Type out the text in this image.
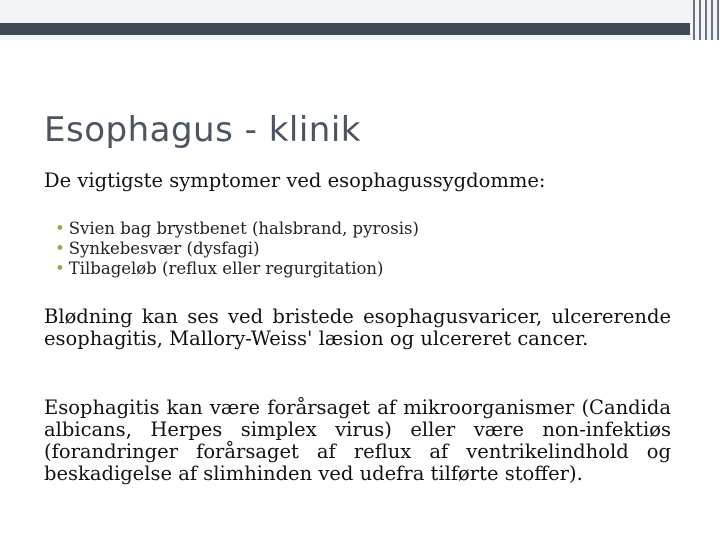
Esophagus - klinik
De vigtigste symptomer ved esophagussygdomme:
• Svien bag brystbenet (halsbrand, pyrosis)
• Synkebesvær (dysfagi)
• Tilbageløb (reflux eller regurgitation)
Blødning kan ses ved bristede esophagusvaricer, ulcererende esophagitis, Mallory-Weiss' læsion og ulcereret cancer.
Esophagitis kan være forårsaget af mikroorganismer (Candida albicans, Herpes simplex virus) eller være non-infektiøs (forandringer forårsaget af reflux af ventrikelindhold og beskadigelse af slimhinden ved udefra tilførte stoffer).
